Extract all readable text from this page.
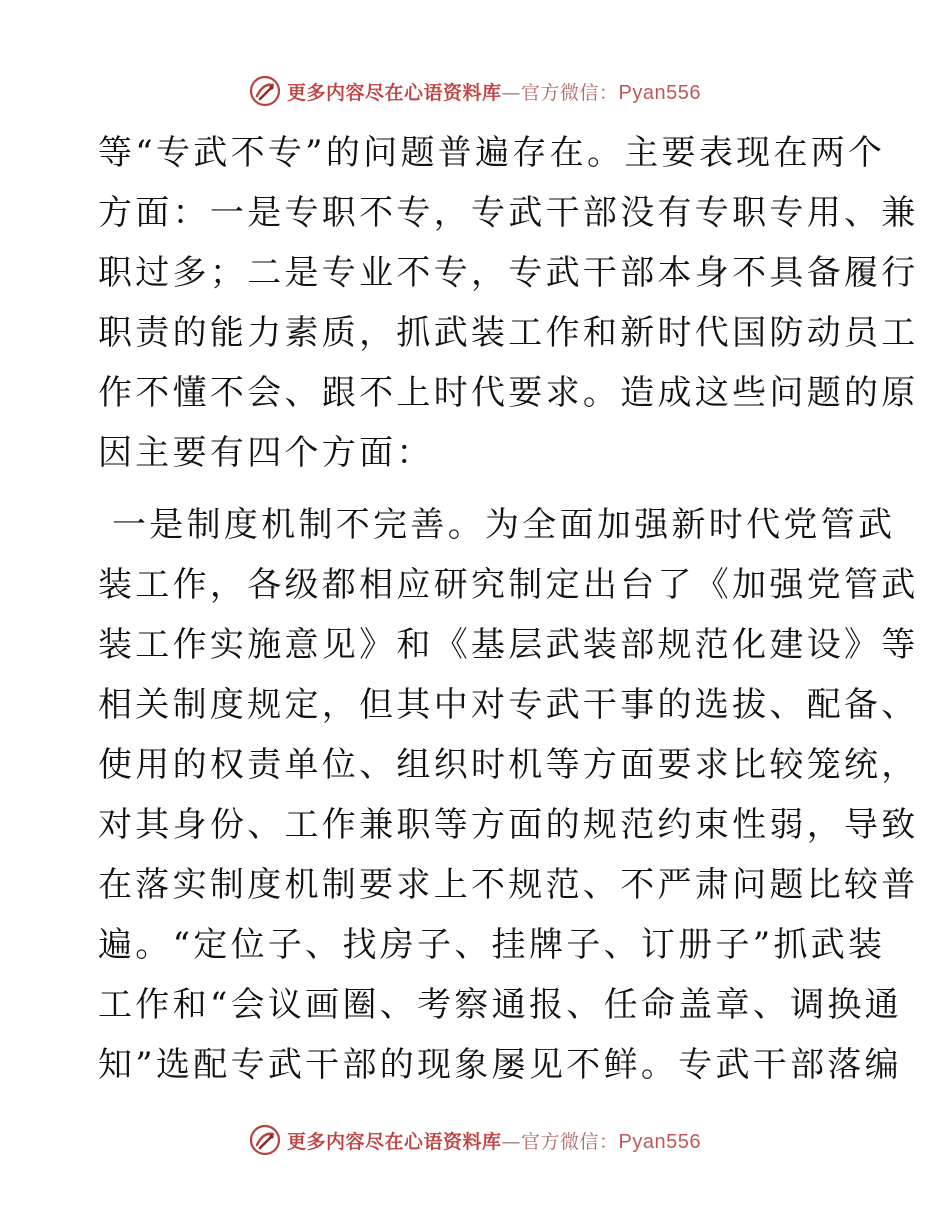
更多内容尽在心语资料库—官方微信：Pyan556
等“专武不专”的问题普遍存在。主要表现在两个
方面：一是专职不专，专武干部没有专职专用、兼
职过多；二是专业不专，专武干部本身不具备履行
职责的能力素质，抓武装工作和新时代国防动员工
作不懂不会、跟不上时代要求。造成这些问题的原
因主要有四个方面：
一是制度机制不完善。为全面加强新时代党管武
装工作，各级都相应研究制定出台了《加强党管武
装工作实施意见》和《基层武装部规范化建设》等
相关制度规定，但其中对专武干事的选拔、配备、
使用的权责单位、组织时机等方面要求比较笼统，
对其身份、工作兼职等方面的规范约束性弱，导致
在落实制度机制要求上不规范、不严肃问题比较普
遍。“定位子、找房子、挂牌子、订册子”抓武装
工作和“会议画圈、考察通报、任命盖章、调换通
知”选配专武干部的现象屡见不鲜。专武干部落编
更多内容尽在心语资料库—官方微信：Pyan556
